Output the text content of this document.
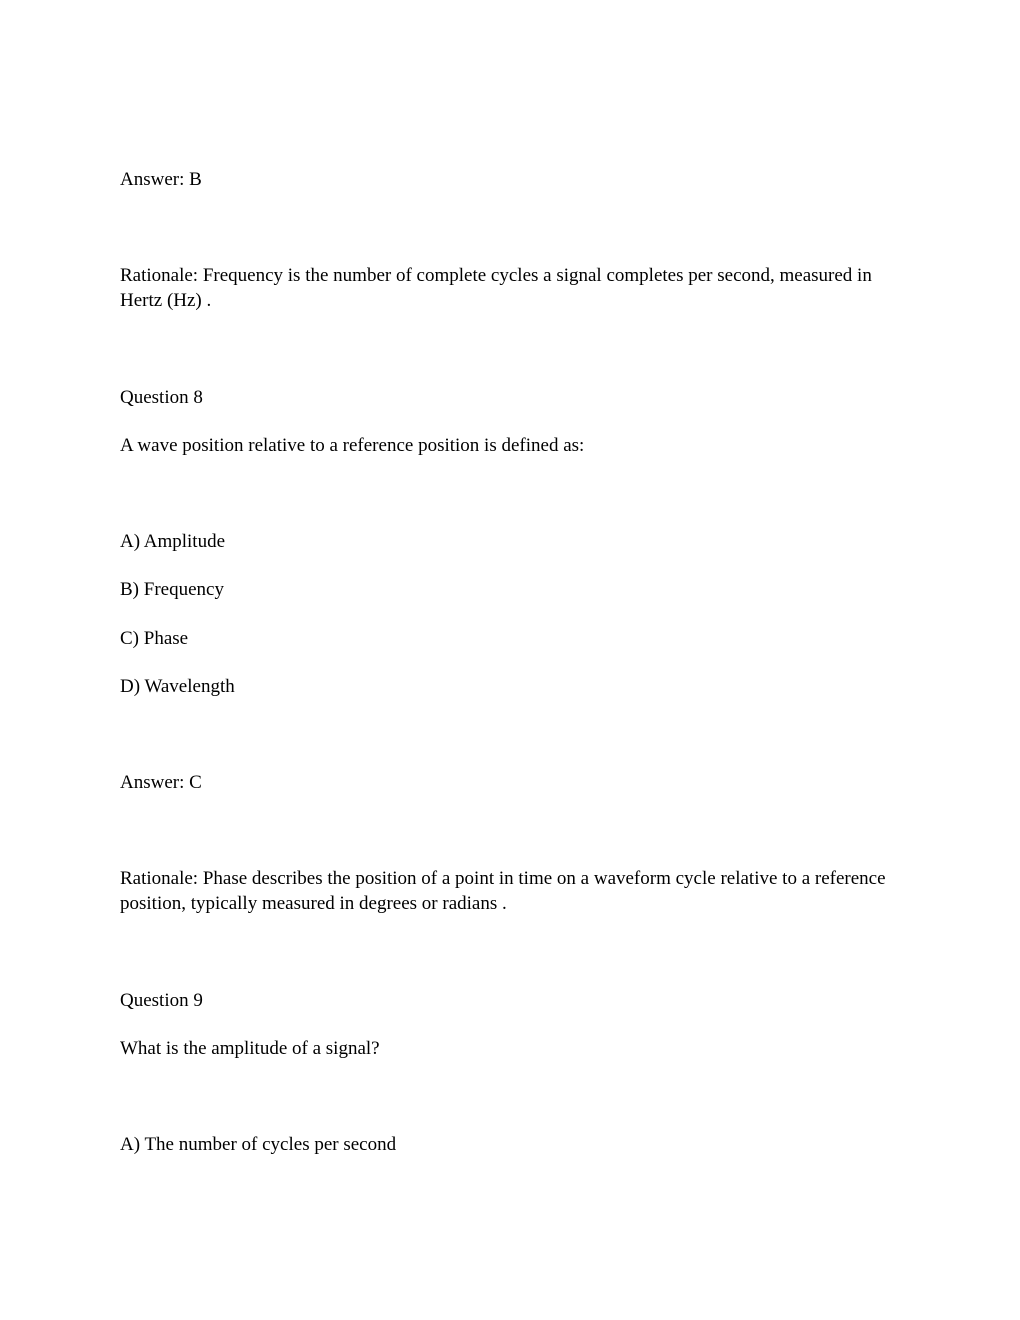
Answer: B
Rationale: Frequency is the number of complete cycles a signal completes per second, measured in Hertz (Hz) .
Question 8
A wave position relative to a reference position is defined as:
A) Amplitude
B) Frequency
C) Phase
D) Wavelength
Answer: C
Rationale: Phase describes the position of a point in time on a waveform cycle relative to a reference position, typically measured in degrees or radians .
Question 9
What is the amplitude of a signal?
A) The number of cycles per second
